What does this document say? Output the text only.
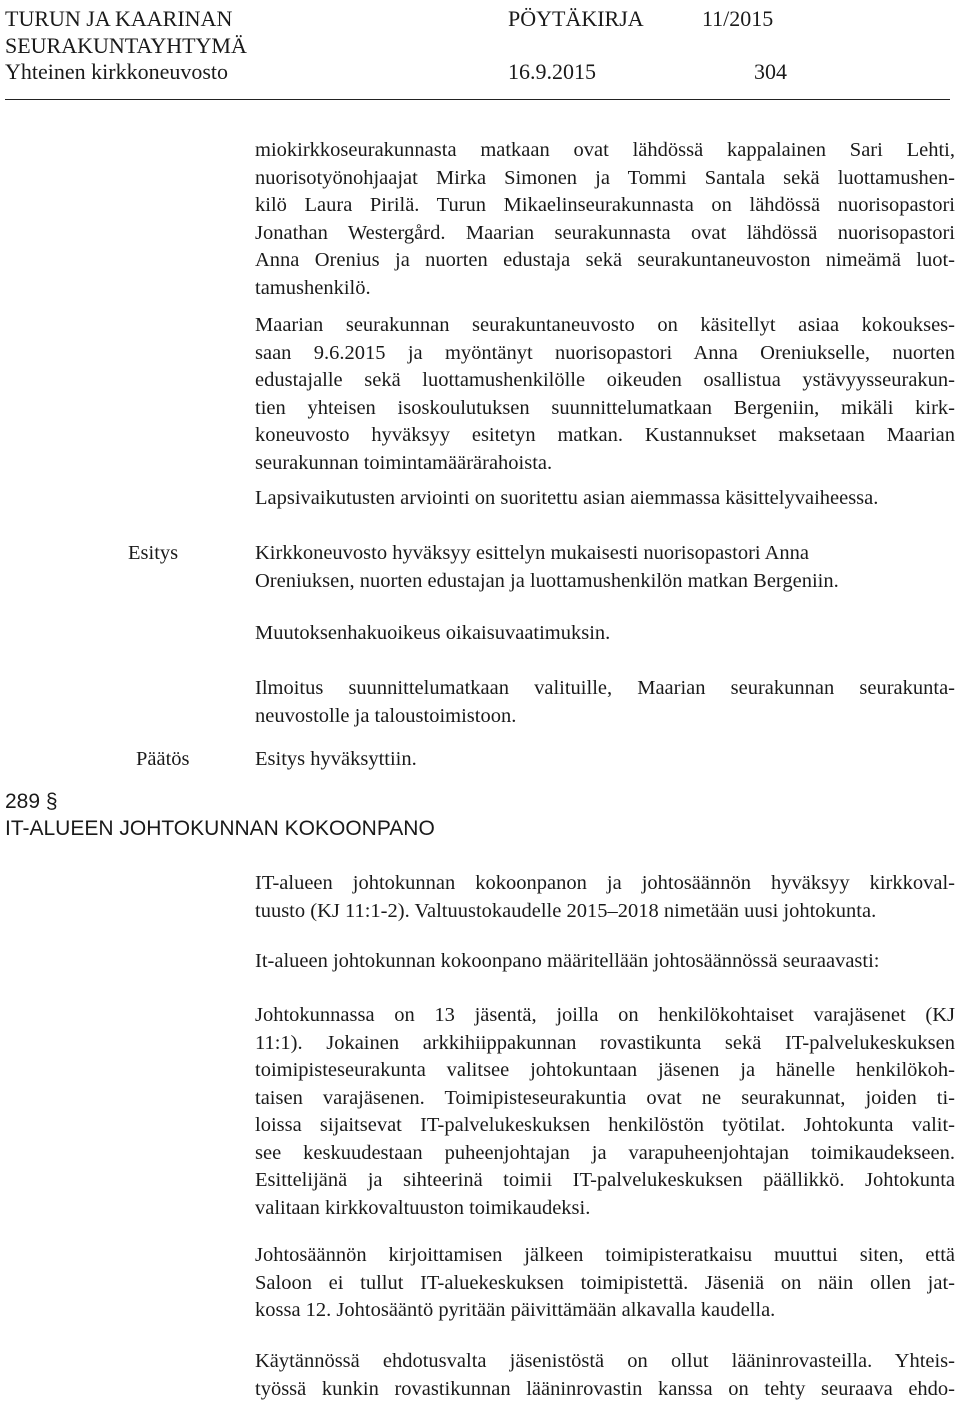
TURUN JA KAARINAN
SEURAKUNTAYHTYMÄ
Yhteinen kirkkoneuvosto
PÖYTÄKIRJA	11/2015
16.9.2015	304
miokirkkoseurakunnasta matkaan ovat lähdössä kappalainen Sari Lehti,
nuorisotyönohjaajat Mirka Simonen ja Tommi Santala sekä luottamushen-
kilö Laura Pirilä. Turun Mikaelinseurakunnasta on lähdössä nuorisopastori
Jonathan Westergård. Maarian seurakunnasta ovat lähdössä nuorisopastori
Anna Orenius ja nuorten edustaja sekä seurakuntaneuvoston nimeämä luot-
tamushenkilö.
Maarian seurakunnan seurakuntaneuvosto on käsitellyt asiaa kokoukses-
saan 9.6.2015 ja myöntänyt nuorisopastori Anna Oreniukselle, nuorten
edustajalle sekä luottamushenkilölle oikeuden osallistua ystävyysseurakun-
tien yhteisen isoskoulutuksen suunnittelumatkaan Bergeniin, mikäli kirk-
koneuvosto hyväksyy esitetyn matkan. Kustannukset maksetaan Maarian
seurakunnan toimintamäärärahoista.
Lapsivaikutusten arviointi on suoritettu asian aiemmassa käsittelyvaiheessa.
Esitys	Kirkkoneuvosto hyväksyy esittelyn mukaisesti nuorisopastori Anna
Oreniuksen, nuorten edustajan ja luottamushenkilön matkan Bergeniin.
Muutoksenhakuoikeus oikaisuvaatimuksin.
Ilmoitus suunnittelumatkaan valituille, Maarian seurakunnan seurakunta-
neuvostolle ja taloustoimistoon.
Päätös	Esitys hyväksyttiin.
289 §
IT-ALUEEN JOHTOKUNNAN KOKOONPANO
IT-alueen johtokunnan kokoonpanon ja johtosäännön hyväksyy kirkkoval-
tuusto (KJ 11:1-2). Valtuustokaudelle 2015–2018 nimetään uusi johtokunta.
It-alueen johtokunnan kokoonpano määritellään johtosäännössä seuraavasti:
Johtokunnassa on 13 jäsentä, joilla on henkilökohtaiset varajäsenet (KJ
11:1). Jokainen arkkihiippakunnan rovastikunta sekä IT-palvelukeskuksen
toimipisteseurakunta valitsee johtokuntaan jäsenen ja hänelle henkilökoh-
taisen varajäsenen. Toimipisteseurakuntia ovat ne seurakunnat, joiden ti-
loissa sijaitsevat IT-palvelukeskuksen henkilöstön työtilat. Johtokunta valit-
see keskuudestaan puheenjohtajan ja varapuheenjohtajan toimikaudekseen.
Esittelijänä ja sihteerinä toimii IT-palvelukeskuksen päällikkö. Johtokunta
valitaan kirkkovaltuuston toimikaudeksi.
Johtosäännön kirjoittamisen jälkeen toimipisteratkaisu muuttui siten, että
Saloon ei tullut IT-aluekeskuksen toimipistettä. Jäseniä on näin ollen jat-
kossa 12. Johtosääntö pyritään päivittämään alkavalla kaudella.
Käytännössä ehdotusvalta jäsenistöstä on ollut lääninrovasteilla. Yhteis-
työssä kunkin rovastikunnan lääninrovastin kanssa on tehty seuraava ehdo-
